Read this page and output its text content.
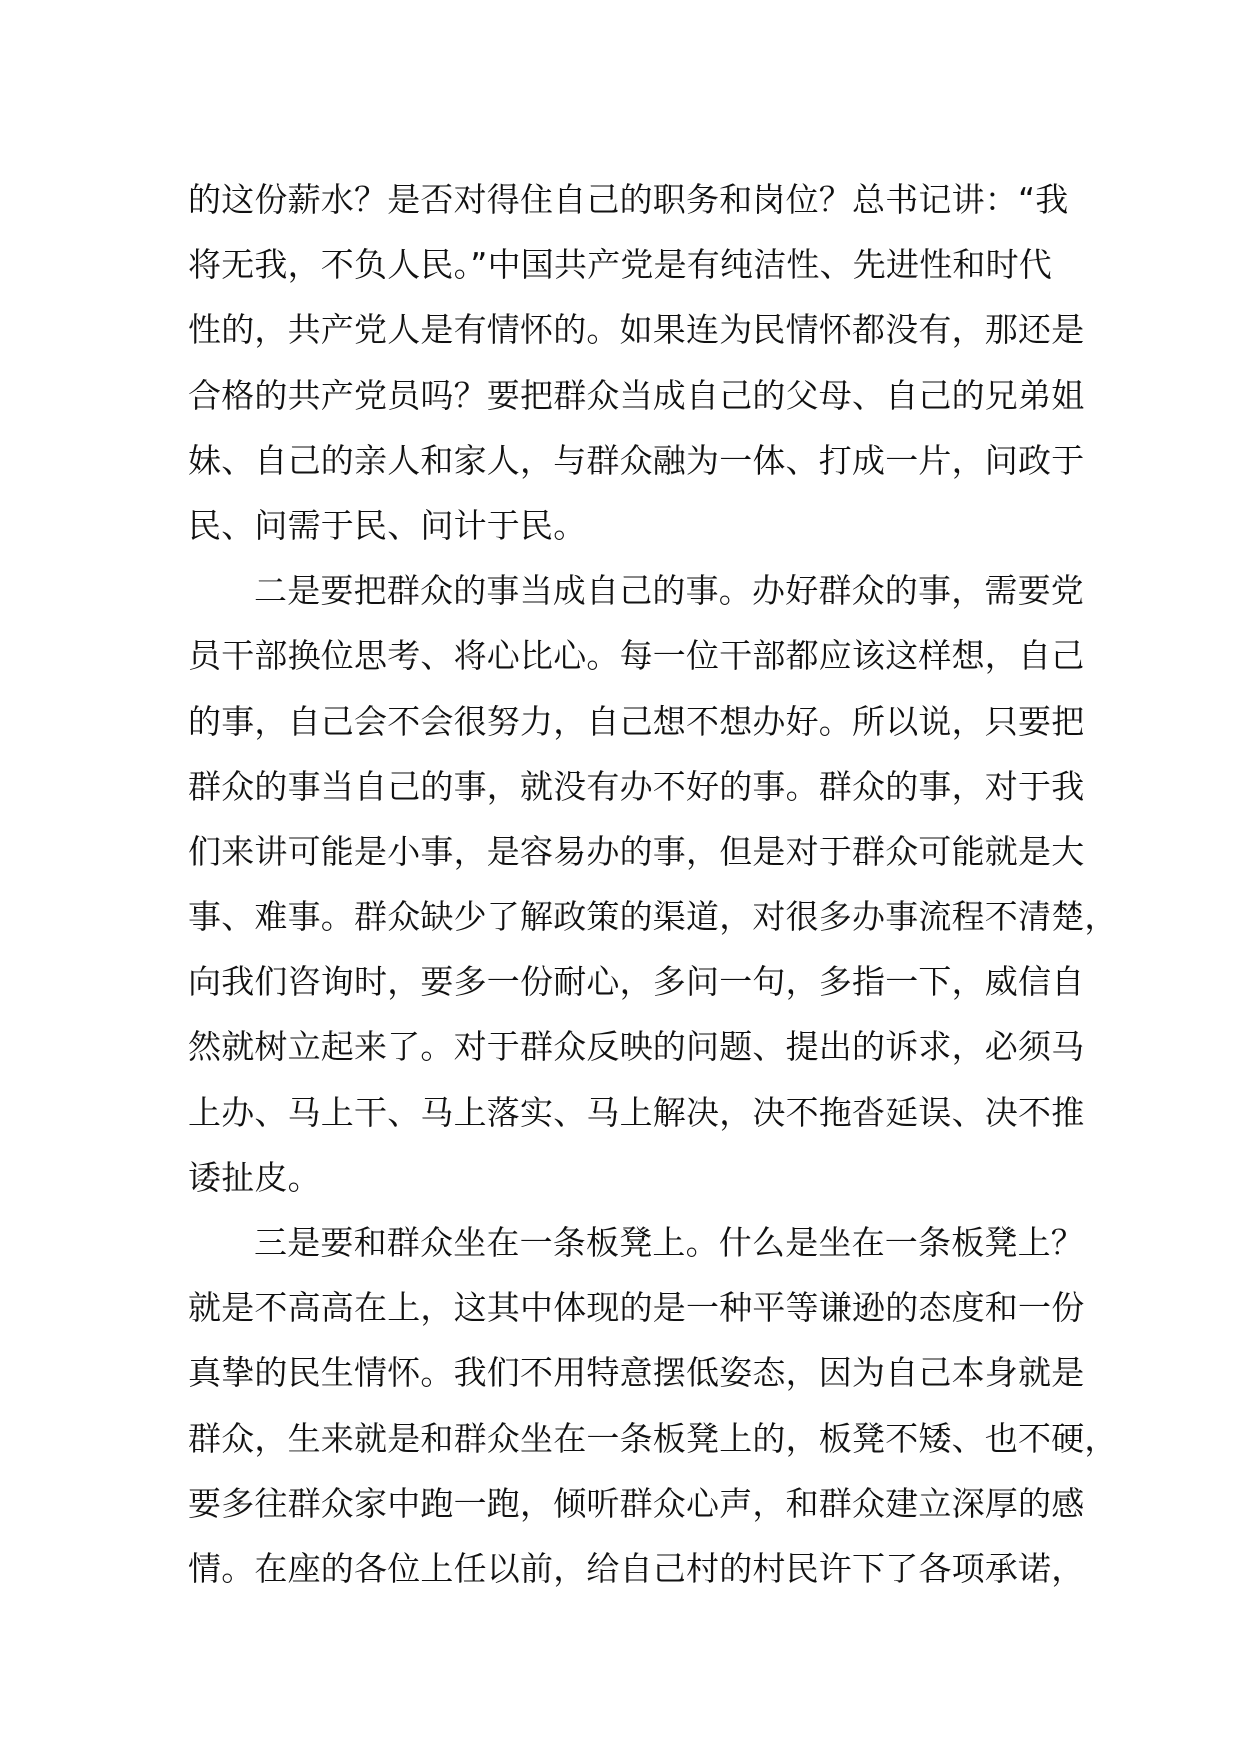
的这份薪水？是否对得住自己的职务和岗位？总书记讲：“我
将无我，不负人民。”中国共产党是有纯洁性、先进性和时代
性的，共产党人是有情怀的。如果连为民情怀都没有，那还是
合格的共产党员吗？要把群众当成自己的父母、自己的兄弟姐
妹、自己的亲人和家人，与群众融为一体、打成一片，问政于
民、问需于民、问计于民。
二是要把群众的事当成自己的事。办好群众的事，需要党
员干部换位思考、将心比心。每一位干部都应该这样想，自己
的事，自己会不会很努力，自己想不想办好。所以说，只要把
群众的事当自己的事，就没有办不好的事。群众的事，对于我
们来讲可能是小事，是容易办的事，但是对于群众可能就是大
事、难事。群众缺少了解政策的渠道，对很多办事流程不清楚，
向我们咨询时，要多一份耐心，多问一句，多指一下，威信自
然就树立起来了。对于群众反映的问题、提出的诉求，必须马
上办、马上干、马上落实、马上解决，决不拖沓延误、决不推
诿扯皮。
三是要和群众坐在一条板凳上。什么是坐在一条板凳上？
就是不高高在上，这其中体现的是一种平等谦逊的态度和一份
真挚的民生情怀。我们不用特意摆低姿态，因为自己本身就是
群众，生来就是和群众坐在一条板凳上的，板凳不矮、也不硬，
要多往群众家中跑一跑，倾听群众心声，和群众建立深厚的感
情。在座的各位上任以前，给自己村的村民许下了各项承诺，
